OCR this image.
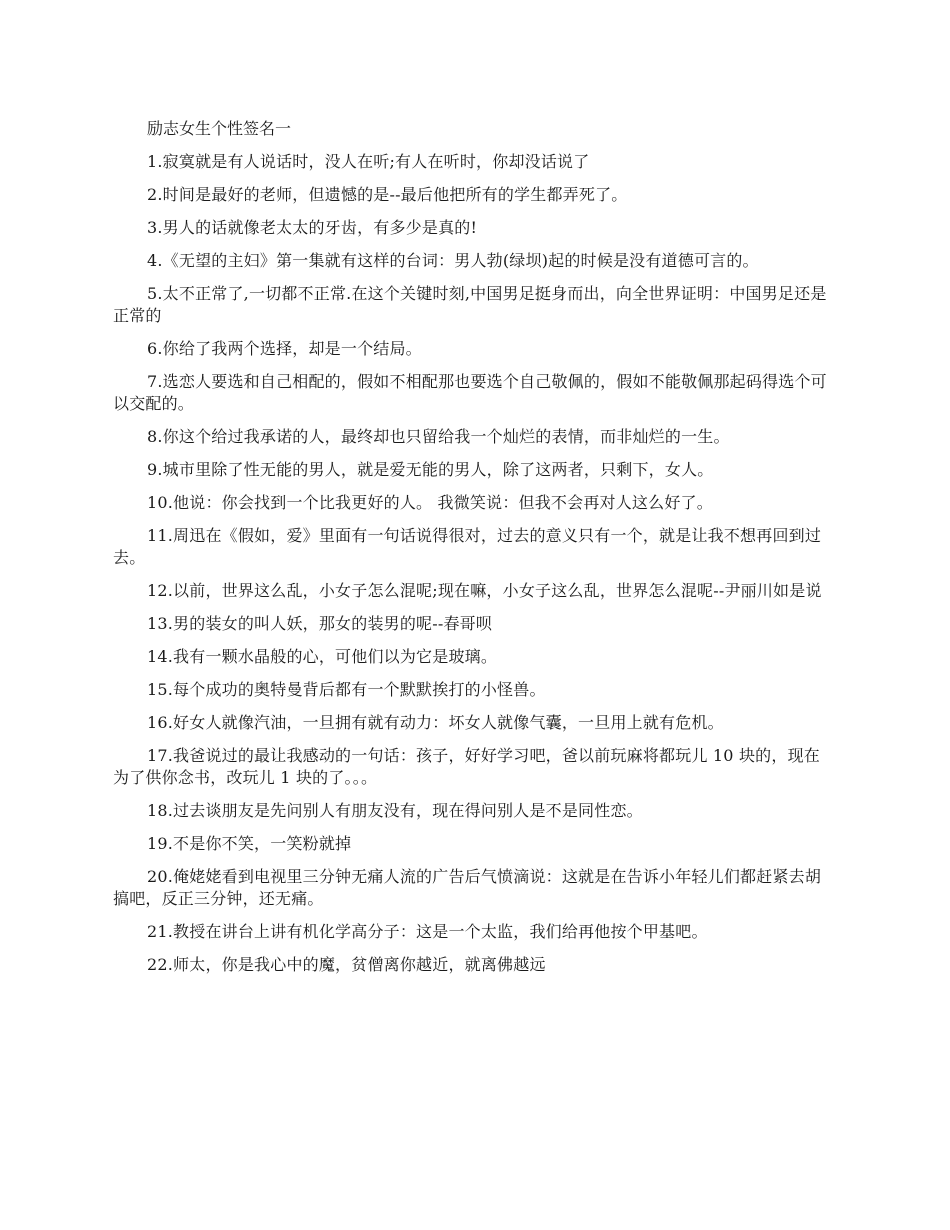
励志女生个性签名一
1.寂寞就是有人说话时，没人在听;有人在听时，你却没话说了
2.时间是最好的老师，但遗憾的是--最后他把所有的学生都弄死了。
3.男人的话就像老太太的牙齿，有多少是真的!
4.《无望的主妇》第一集就有这样的台词：男人勃(绿坝)起的时候是没有道德可言的。
5.太不正常了,一切都不正常.在这个关键时刻,中国男足挺身而出，向全世界证明：中国男足还是正常的
6.你给了我两个选择，却是一个结局。
7.选恋人要选和自己相配的，假如不相配那也要选个自己敬佩的，假如不能敬佩那起码得选个可以交配的。
8.你这个给过我承诺的人，最终却也只留给我一个灿烂的表情，而非灿烂的一生。
9.城市里除了性无能的男人，就是爱无能的男人，除了这两者，只剩下，女人。
10.他说：你会找到一个比我更好的人。 我微笑说：但我不会再对人这么好了。
11.周迅在《假如，爱》里面有一句话说得很对，过去的意义只有一个，就是让我不想再回到过去。
12.以前，世界这么乱，小女子怎么混呢;现在嘛，小女子这么乱，世界怎么混呢--尹丽川如是说
13.男的装女的叫人妖，那女的装男的呢--春哥呗
14.我有一颗水晶般的心，可他们以为它是玻璃。
15.每个成功的奥特曼背后都有一个默默挨打的小怪兽。
16.好女人就像汽油，一旦拥有就有动力：坏女人就像气囊，一旦用上就有危机。
17.我爸说过的最让我感动的一句话：孩子，好好学习吧，爸以前玩麻将都玩儿 10 块的，现在为了供你念书，改玩儿 1 块的了。。。
18.过去谈朋友是先问别人有朋友没有，现在得问别人是不是同性恋。
19.不是你不笑，一笑粉就掉
20.俺姥姥看到电视里三分钟无痛人流的广告后气愤滴说：这就是在告诉小年轻儿们都赶紧去胡搞吧，反正三分钟，还无痛。
21.教授在讲台上讲有机化学高分子：这是一个太监，我们给再他按个甲基吧。
22.师太，你是我心中的魔，贫僧离你越近，就离佛越远
